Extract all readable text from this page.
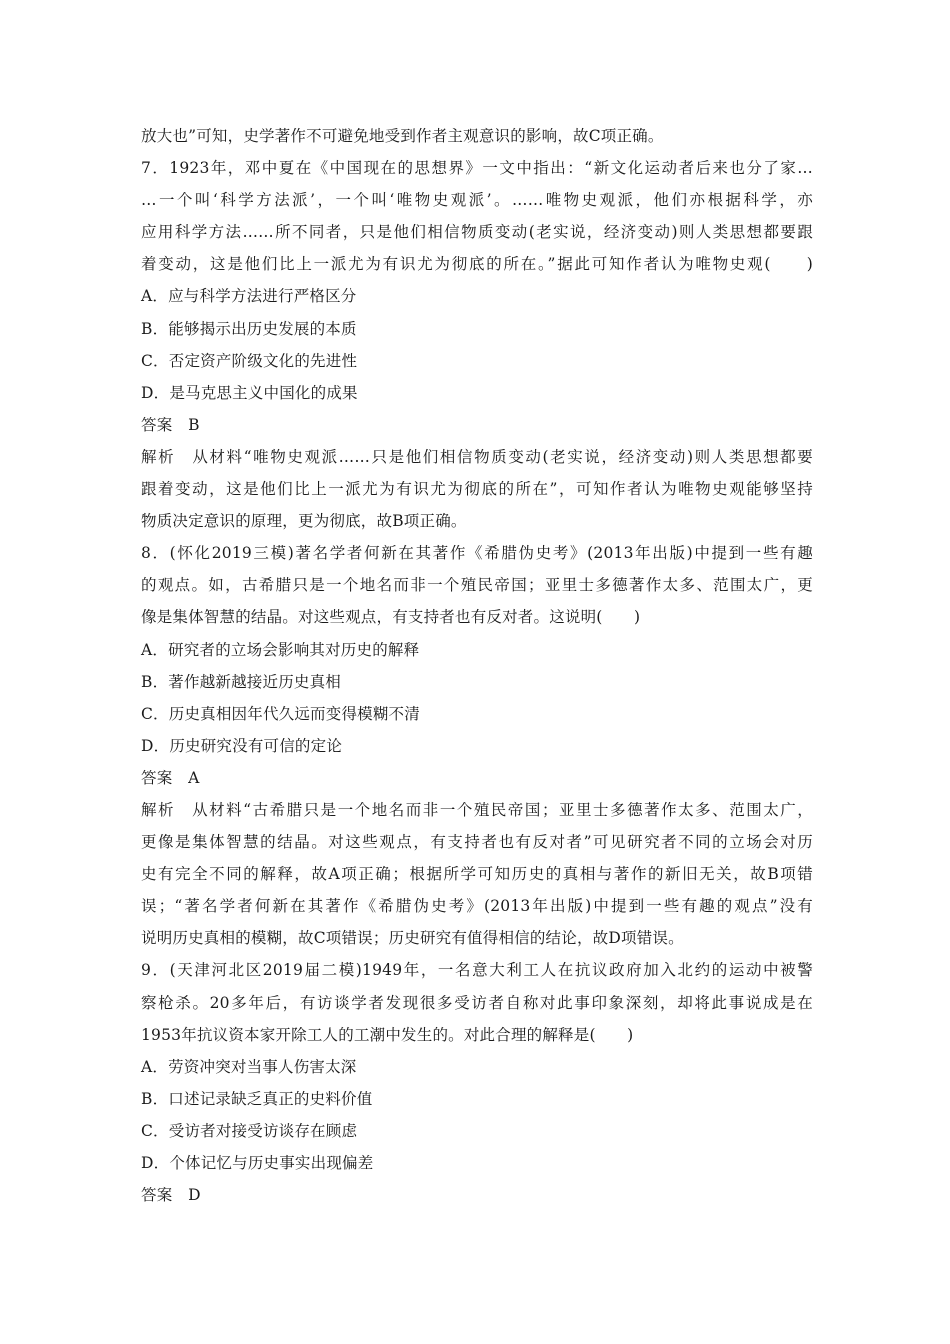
放大也”可知，史学著作不可避免地受到作者主观意识的影响，故C项正确。
7．1923年，邓中夏在《中国现在的思想界》一文中指出：“新文化运动者后来也分了家…
…一个叫‘科学方法派’，一个叫‘唯物史观派’。……唯物史观派，他们亦根据科学，亦
应用科学方法……所不同者，只是他们相信物质变动(老实说，经济变动)则人类思想都要跟
着变动，这是他们比上一派尤为有识尤为彻底的所在。”据此可知作者认为唯物史观(　　)
A．应与科学方法进行严格区分
B．能够揭示出历史发展的本质
C．否定资产阶级文化的先进性
D．是马克思主义中国化的成果
答案　B
解析　从材料“唯物史观派……只是他们相信物质变动(老实说，经济变动)则人类思想都要
跟着变动，这是他们比上一派尤为有识尤为彻底的所在”，可知作者认为唯物史观能够坚持
物质决定意识的原理，更为彻底，故B项正确。
8．(怀化2019三模)著名学者何新在其著作《希腊伪史考》(2013年出版)中提到一些有趣
的观点。如，古希腊只是一个地名而非一个殖民帝国；亚里士多德著作太多、范围太广，更
像是集体智慧的结晶。对这些观点，有支持者也有反对者。这说明(　　)
A．研究者的立场会影响其对历史的解释
B．著作越新越接近历史真相
C．历史真相因年代久远而变得模糊不清
D．历史研究没有可信的定论
答案　A
解析　从材料“古希腊只是一个地名而非一个殖民帝国；亚里士多德著作太多、范围太广，
更像是集体智慧的结晶。对这些观点，有支持者也有反对者”可见研究者不同的立场会对历
史有完全不同的解释，故A项正确；根据所学可知历史的真相与著作的新旧无关，故B项错
误；“著名学者何新在其著作《希腊伪史考》(2013年出版)中提到一些有趣的观点”没有
说明历史真相的模糊，故C项错误；历史研究有值得相信的结论，故D项错误。
9．(天津河北区2019届二模)1949年，一名意大利工人在抗议政府加入北约的运动中被警
察枪杀。20多年后，有访谈学者发现很多受访者自称对此事印象深刻，却将此事说成是在
1953年抗议资本家开除工人的工潮中发生的。对此合理的解释是(　　)
A．劳资冲突对当事人伤害太深
B．口述记录缺乏真正的史料价值
C．受访者对接受访谈存在顾虑
D．个体记忆与历史事实出现偏差
答案　D
